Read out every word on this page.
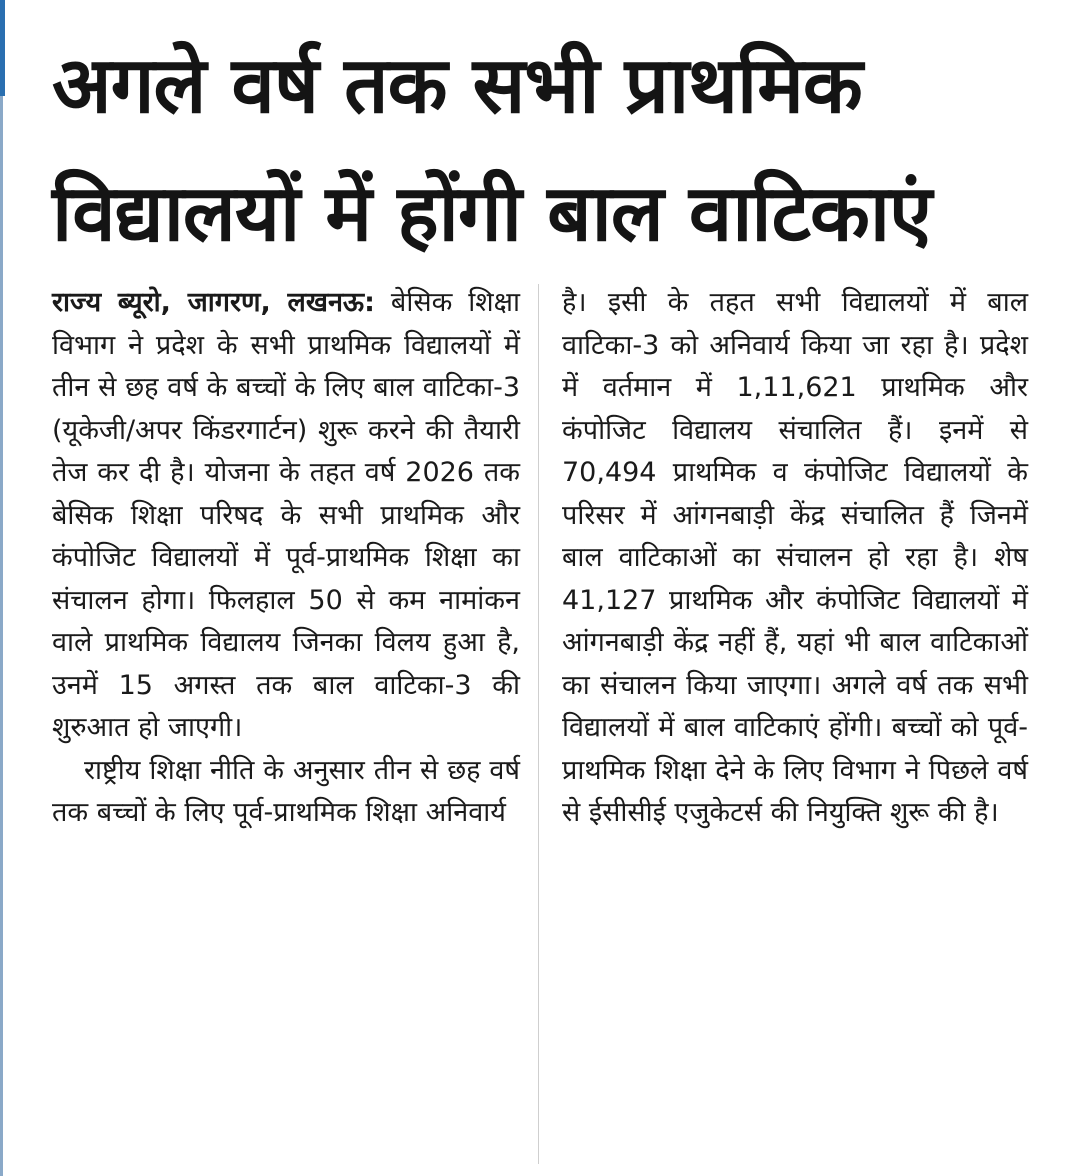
अगले वर्ष तक सभी प्राथमिक
विद्यालयों में होंगी बाल वाटिकाएं

राज्य ब्यूरो, जागरण, लखनऊ: बेसिक शिक्षा विभाग ने प्रदेश के सभी प्राथमिक विद्यालयों में तीन से छह वर्ष के बच्चों के लिए बाल वाटिका-3 (यूकेजी/अपर किंडरगार्टन) शुरू करने की तैयारी तेज कर दी है। योजना के तहत वर्ष 2026 तक बेसिक शिक्षा परिषद के सभी प्राथमिक और कंपोजिट विद्यालयों में पूर्व-प्राथमिक शिक्षा का संचालन होगा। फिलहाल 50 से कम नामांकन वाले प्राथमिक विद्यालय जिनका विलय हुआ है, उनमें 15 अगस्त तक बाल वाटिका-3 की शुरुआत हो जाएगी।

राष्ट्रीय शिक्षा नीति के अनुसार तीन से छह वर्ष तक बच्चों के लिए पूर्व-प्राथमिक शिक्षा अनिवार्य

है। इसी के तहत सभी विद्यालयों में बाल वाटिका-3 को अनिवार्य किया जा रहा है। प्रदेश में वर्तमान में 1,11,621 प्राथमिक और कंपोजिट विद्यालय संचालित हैं। इनमें से 70,494 प्राथमिक व कंपोजिट विद्यालयों के परिसर में आंगनबाड़ी केंद्र संचालित हैं जिनमें बाल वाटिकाओं का संचालन हो रहा है। शेष 41,127 प्राथमिक और कंपोजिट विद्यालयों में आंगनबाड़ी केंद्र नहीं हैं, यहां भी बाल वाटिकाओं का संचालन किया जाएगा। अगले वर्ष तक सभी विद्यालयों में बाल वाटिकाएं होंगी। बच्चों को पूर्व-प्राथमिक शिक्षा देने के लिए विभाग ने पिछले वर्ष से ईसीसीई एजुकेटर्स की नियुक्ति शुरू की है।
